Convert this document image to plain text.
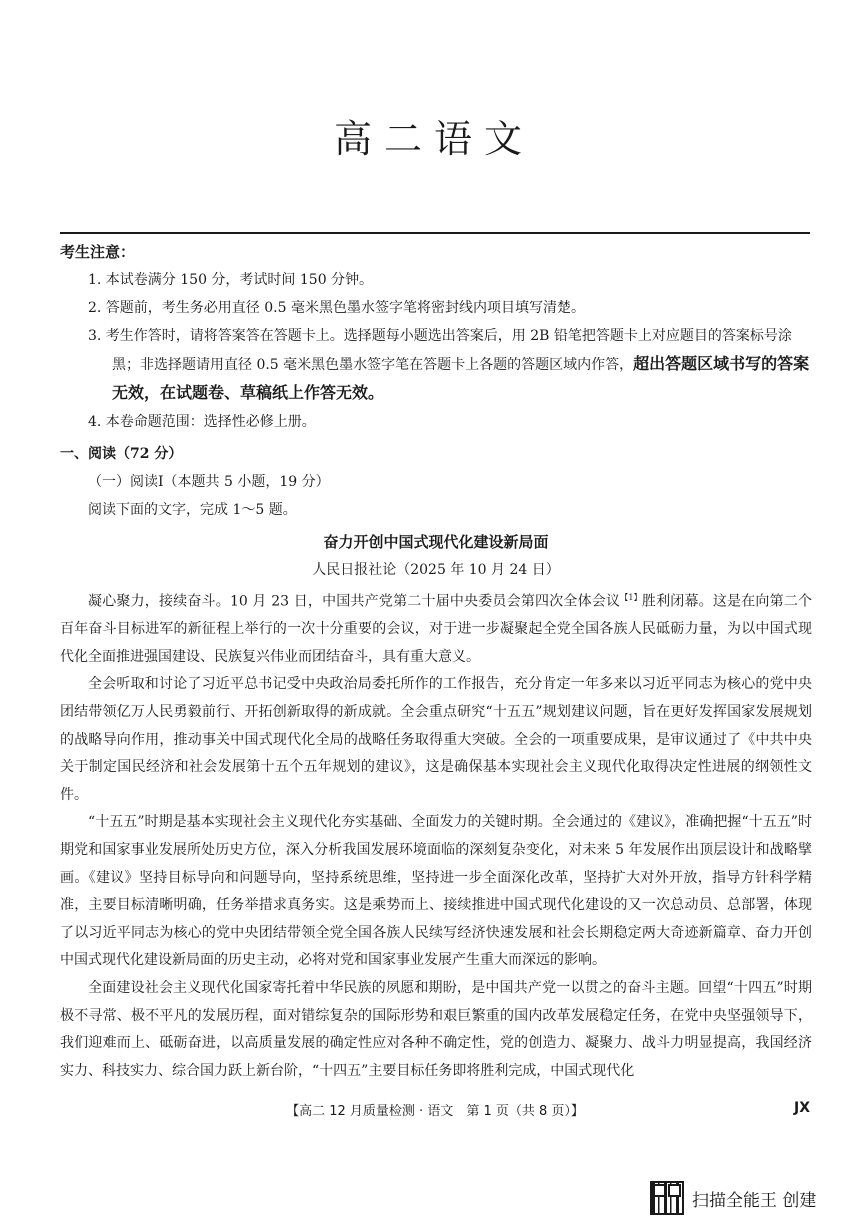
高二语文
考生注意：
1. 本试卷满分 150 分，考试时间 150 分钟。
2. 答题前，考生务必用直径 0.5 毫米黑色墨水签字笔将密封线内项目填写清楚。
3. 考生作答时，请将答案答在答题卡上。选择题每小题选出答案后，用 2B 铅笔把答题卡上对应题目的答案标号涂黑；非选择题请用直径 0.5 毫米黑色墨水签字笔在答题卡上各题的答题区域内作答，超出答题区域书写的答案无效，在试题卷、草稿纸上作答无效。
4. 本卷命题范围：选择性必修上册。
一、阅读（72 分）
（一）阅读Ⅰ（本题共 5 小题，19 分）
阅读下面的文字，完成 1～5 题。
奋力开创中国式现代化建设新局面
人民日报社论（2025 年 10 月 24 日）

凝心聚力，接续奋斗。10 月 23 日，中国共产党第二十届中央委员会第四次全体会议$^{【1】}$胜利闭幕。这是在向第二个百年奋斗目标进军的新征程上举行的一次十分重要的会议，对于进一步凝聚起全党全国各族人民砥砺力量，为以中国式现代化全面推进强国建设、民族复兴伟业而团结奋斗，具有重大意义。

全会听取和讨论了习近平总书记受中央政治局委托所作的工作报告，充分肯定一年多来以习近平同志为核心的党中央团结带领亿万人民勇毅前行、开拓创新取得的新成就。全会重点研究“十五五”规划建议问题，旨在更好发挥国家发展规划的战略导向作用，推动事关中国式现代化全局的战略任务取得重大突破。全会的一项重要成果，是审议通过了《中共中央关于制定国民经济和社会发展第十五个五年规划的建议》，这是确保基本实现社会主义现代化取得决定性进展的纲领性文件。

“十五五”时期是基本实现社会主义现代化夯实基础、全面发力的关键时期。全会通过的《建议》，准确把握“十五五”时期党和国家事业发展所处历史方位，深入分析我国发展环境面临的深刻复杂变化，对未来 5 年发展作出顶层设计和战略擘画。《建议》坚持目标导向和问题导向，坚持系统思维，坚持进一步全面深化改革，坚持扩大对外开放，指导方针科学精准，主要目标清晰明确，任务举措求真务实。这是乘势而上、接续推进中国式现代化建设的又一次总动员、总部署，体现了以习近平同志为核心的党中央团结带领全党全国各族人民续写经济快速发展和社会长期稳定两大奇迹新篇章、奋力开创中国式现代化建设新局面的历史主动，必将对党和国家事业发展产生重大而深远的影响。

全面建设社会主义现代化国家寄托着中华民族的夙愿和期盼，是中国共产党一以贯之的奋斗主题。回望“十四五”时期极不寻常、极不平凡的发展历程，面对错综复杂的国际形势和艰巨繁重的国内改革发展稳定任务，在党中央坚强领导下，我们迎难而上、砥砺奋进，以高质量发展的确定性应对各种不确定性，党的创造力、凝聚力、战斗力明显提高，我国经济实力、科技实力、综合国力跃上新台阶，“十四五”主要目标任务即将胜利完成，中国式现代化

【高二 12 月质量检测 · 语文　第 1 页（共 8 页）】	JX
扫描全能王 创建
